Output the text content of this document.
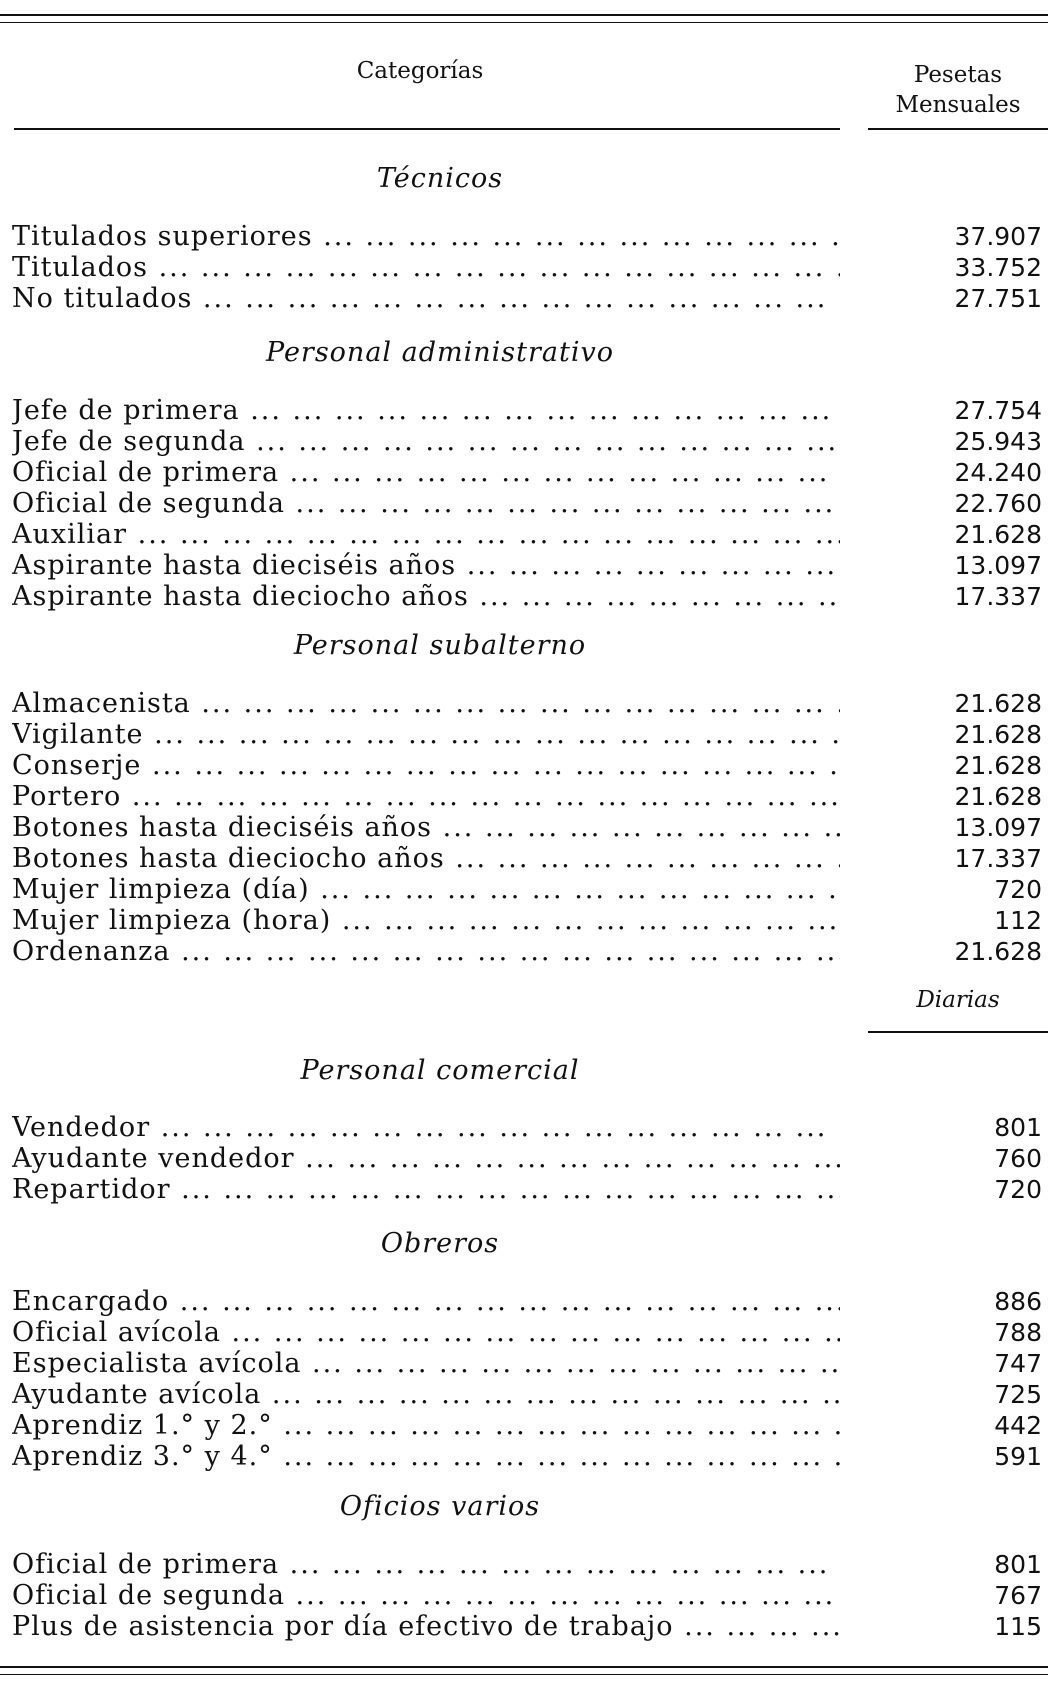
Categorías	Pesetas
Mensuales
Técnicos
Titulados superiores ... .	37.907
Titulados ... .	33.752
No titulados ... .	27.751
Personal administrativo
Jefe de primera ... .	27.754
Jefe de segunda ... .	25.943
Oficial de primera ... .	24.240
Oficial de segunda ... .	22.760
Auxiliar ... .	21.628
Aspirante hasta dieciséis años ... .	13.097
Aspirante hasta dieciocho años ... .	17.337
Personal subalterno
Almacenista ... .	21.628
Vigilante ... .	21.628
Conserje ... .	21.628
Portero ... .	21.628
Botones hasta dieciséis años ... .	13.097
Botones hasta dieciocho años ... .	17.337
Mujer limpieza (día) ... .	720
Mujer limpieza (hora) ... .	112
Ordenanza ... .	21.628
Diarias
Personal comercial
Vendedor ... .	801
Ayudante vendedor ... .	760
Repartidor ... .	720
Obreros
Encargado ... .	886
Oficial avícola ... .	788
Especialista avícola ... .	747
Ayudante avícola ... .	725
Aprendiz 1.° y 2.° ... .	442
Aprendiz 3.° y 4.° ... .	591
Oficios varios
Oficial de primera ... .	801
Oficial de segunda ... .	767
Plus de asistencia por día efectivo de trabajo ... .	115
